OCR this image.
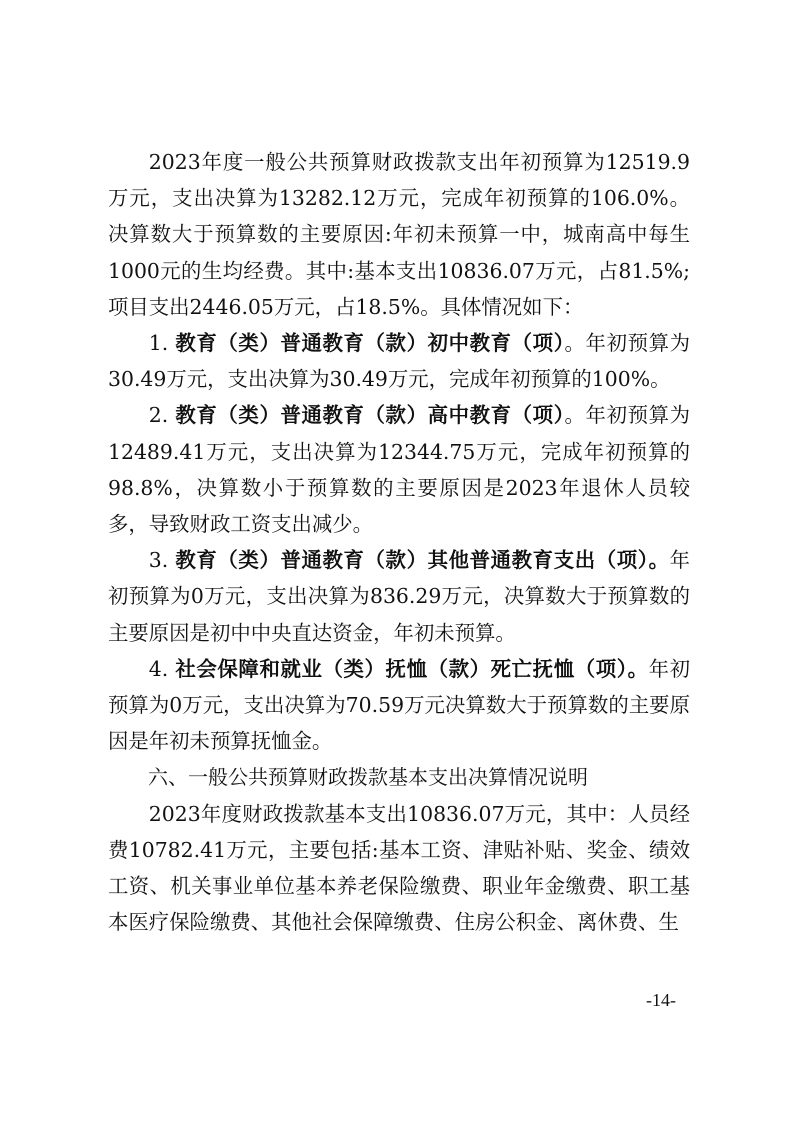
2023年度一般公共预算财政拨款支出年初预算为12519.9万元，支出决算为13282.12万元，完成年初预算的106.0%。决算数大于预算数的主要原因:年初未预算一中，城南高中每生1000元的生均经费。其中:基本支出10836.07万元，占81.5%;项目支出2446.05万元，占18.5%。具体情况如下：

1. 教育（类）普通教育（款）初中教育（项）。年初预算为30.49万元，支出决算为30.49万元，完成年初预算的100%。

2. 教育（类）普通教育（款）高中教育（项）。年初预算为12489.41万元，支出决算为12344.75万元，完成年初预算的98.8%，决算数小于预算数的主要原因是2023年退休人员较多，导致财政工资支出减少。

3. 教育（类）普通教育（款）其他普通教育支出（项）。年初预算为0万元，支出决算为836.29万元，决算数大于预算数的主要原因是初中中央直达资金，年初未预算。

4. 社会保障和就业（类）抚恤（款）死亡抚恤（项）。年初预算为0万元，支出决算为70.59万元决算数大于预算数的主要原因是年初未预算抚恤金。

六、一般公共预算财政拨款基本支出决算情况说明

2023年度财政拨款基本支出10836.07万元，其中：人员经费10782.41万元，主要包括:基本工资、津贴补贴、奖金、绩效工资、机关事业单位基本养老保险缴费、职业年金缴费、职工基本医疗保险缴费、其他社会保障缴费、住房公积金、离休费、生

-14-
